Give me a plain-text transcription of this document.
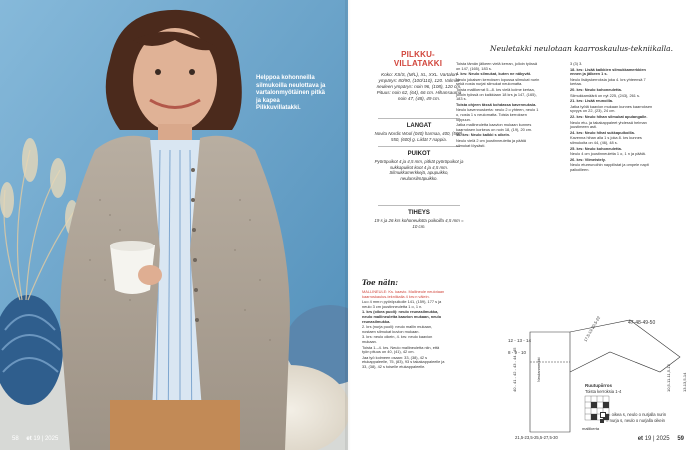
Helppoa kohonneilla silmukoilla neulottava ja vartalonmyötäinen pitkä ja kapea Pilkkuvillatakki.
58 et 19 | 2025
Neuletakki neulotaan kaarroskaulus-tekniikalla.
PILKKU-
VILLATAKKI
Koko: XS/S, (M/L), XL, XXL. Vartalon ympärys: 80/90, (100/110), 120. Valmiin neuleen ympärys: noin 96, (108), 120 cm. Pituus: noin 62, (64), 66 cm. Hihansauma noin 47, (48), 49 cm.
LANGAT
Novita Nordic Wool (040) harmaa, 400, (500), 550, (600) g. Liidät 7 nappia.
PUIKOT
Pyöröpuikot 4 ja 4,5 mm, pitkät pyöröpuikot ja sukkapuikot koot 4 ja 4,5 mm. Silmukkamerkkejä, apupuikko, neulansilmäpuikko.
TIHEYS
19 s ja 26 krs kohoneulotta puikoilla 4,5 mm = 10 cm.
Toe näin:

MALLINEULE: Ks. kaavio. Mallineule neulotaan kaarroskaulus-tekniikalla 4 krs:n välein.

Luo 4 mm:n pyöröpuikolle 141, (159), 177 s ja neulo 3 cm joustinneuletta 1 o, 1 n.

1. krs (oikea puoli): neulo reunasilmukka, neulo mallineuletta kaavion mukaan, neulo reunasilmukka.

2. krs (nurja puoli): neulo mallin mukaan, nostaen silmukat kuvion mukaan.

3. krs: neulo oikein, 4. krs: neulo kaavion mukaan.

Toista 1.–4. krs. Neulo mallineuletta niin, että työn pituus on 40, (41), 42 cm.

Jaa työ kolmeen osaan: 33, (38), 42 s etukappaleelle, 75, (83), 93 s takakappaleelle ja 33, (38), 42 s toiselle etukappaleelle.

Toista tämän jälkeen vielä kerran, jolloin työssä on 147, (165), 183 s.

4. krs: Neulo silmukat, kuten ne näkyvät.

Neulo jokaisen kerroksen lopussa silmukat nurin sekä nosta nurjat silmukat neulomatta.

Toista mallikerrat 5.–8. krs vielä kolme kertaa, jolloin työssä on kaikkiaan 18 krs ja 147, (165), 183 s.

Toista ohjeen tässä kohdassa kavennuksia.

Neulo kavennuskerta: neulo 2 o yhteen, neulo 1 o, nosta 1 s neulomatta. Toista kerroksen loppuun.

Jatka mallineuletta kaavion mukaan kunnes kaarroksen korkeus on noin 18, (19), 20 cm.

16. krs: Neulo kaikki s oikein.

Neulo vielä 2 cm joustinneuletta ja päätä silmukat löysästi.

3 (3) 3.

18. krs: Lisää kaikkien silmukkamerkkien ennen ja jälkeen 1 s.

Neulo lisäyskerroksia joka 4. krs yhteensä 7 kertaa.

20. krs: Neulo kohoneuletta.

Silmukkamäärä on nyt 225, (243), 261 s.

21. krs: Lisää reunoilla.

Jatka työtä kaavion mukaan kunnes kaarroksen syvyys on 22, (23), 24 cm.

22. krs: Neulo hihan silmukat apulangalle.

Neulo etu- ja takakappaleet yhdessä helman joustimeen asti.

24. krs: Neulo hihat sukkapuikoilla.

Kavenna hihan alla 1 s joka 8. krs kunnes silmukoita on 44, (46), 48 s.

25. krs: Neulo kohoneuletta.

Neulo 4 cm joustinneuletta 1 o, 1 n ja päätä.

26. krs: Viimeistely.

Neulo etureunoihin nappilistat ja ompele napit paikoilleen.

47-48-49-50
17,5-19-20,5-22
12 - 13 - 14
8 - 9 - 10
40 - 41 - 42 - 43 - 44 - 45	Neulanmerkki
21,5-23,5-25,5-27,5-30
10,5-11-11,5-12	13-13,5-14
Ruutupiirros
Toista kerroksia 1-4
mallikerta
= oikea s, neulo o nurjalla nurin
= nurja s, neulo o nurjalla oikein
et 19 | 2025 59
